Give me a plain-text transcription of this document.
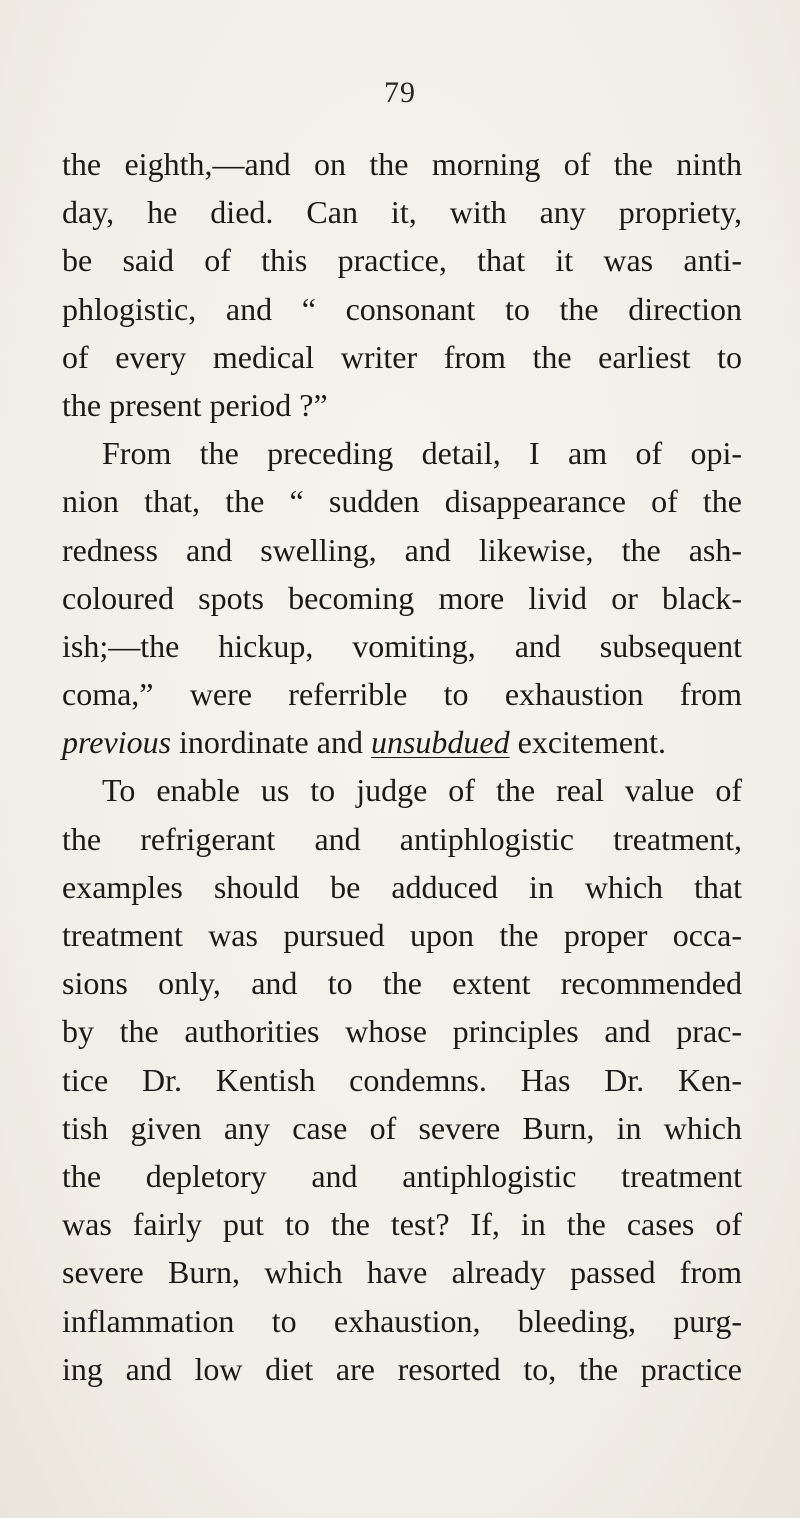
79
the eighth,—and on the morning of the ninth
day, he died. Can it, with any propriety,
be said of this practice, that it was anti-
phlogistic, and “ consonant to the direction
of every medical writer from the earliest to
the present period ?”
From the preceding detail, I am of opi-
nion that, the “ sudden disappearance of the
redness and swelling, and likewise, the ash-
coloured spots becoming more livid or black-
ish;—the hickup, vomiting, and subsequent
coma,” were referrible to exhaustion from
previous inordinate and unsubdued excitement.
To enable us to judge of the real value of
the refrigerant and antiphlogistic treatment,
examples should be adduced in which that
treatment was pursued upon the proper occa-
sions only, and to the extent recommended
by the authorities whose principles and prac-
tice Dr. Kentish condemns. Has Dr. Ken-
tish given any case of severe Burn, in which
the depletory and antiphlogistic treatment
was fairly put to the test? If, in the cases of
severe Burn, which have already passed from
inflammation to exhaustion, bleeding, purg-
ing and low diet are resorted to, the practice
